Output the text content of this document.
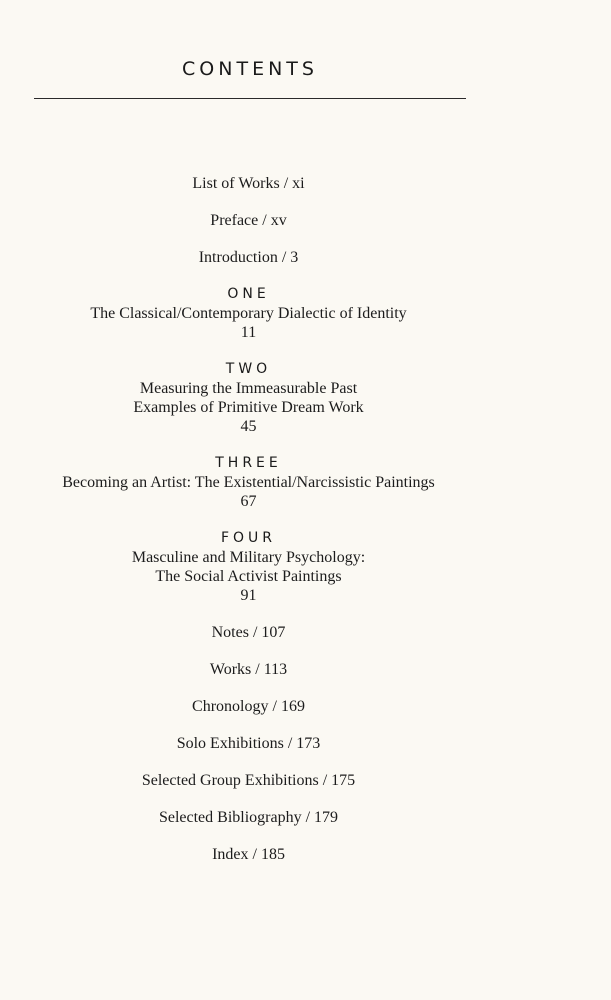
CONTENTS
List of Works / xi
Preface / xv
Introduction / 3
ONE
The Classical/Contemporary Dialectic of Identity
11
TWO
Measuring the Immeasurable Past
Examples of Primitive Dream Work
45
THREE
Becoming an Artist: The Existential/Narcissistic Paintings
67
FOUR
Masculine and Military Psychology:
The Social Activist Paintings
91
Notes / 107
Works / 113
Chronology / 169
Solo Exhibitions / 173
Selected Group Exhibitions / 175
Selected Bibliography / 179
Index / 185
